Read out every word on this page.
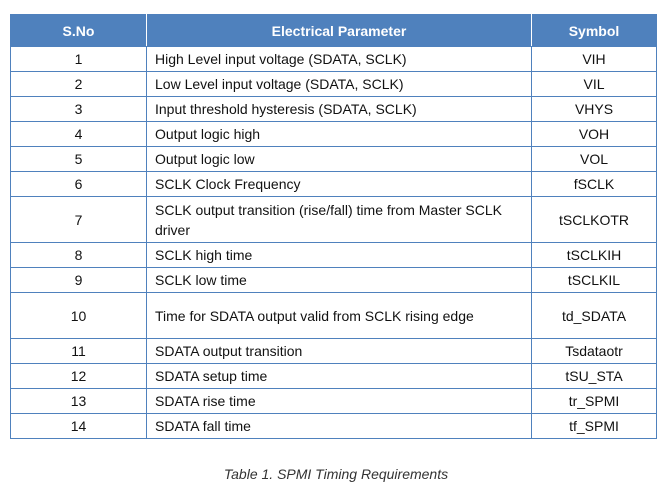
S.No	Electrical Parameter	Symbol
1	High Level input voltage (SDATA, SCLK)	VIH
2	Low Level input voltage (SDATA, SCLK)	VIL
3	Input threshold hysteresis (SDATA, SCLK)	VHYS
4	Output logic high	VOH
5	Output logic low	VOL
6	SCLK Clock Frequency	fSCLK
7	SCLK output transition (rise/fall) time from Master SCLK driver	tSCLKOTR
8	SCLK high time	tSCLKIH
9	SCLK low time	tSCLKIL
10	Time for SDATA output valid from SCLK rising edge	td_SDATA
11	SDATA output transition	Tsdataotr
12	SDATA setup time	tSU_STA
13	SDATA rise time	tr_SPMI
14	SDATA fall time	tf_SPMI
Table 1. SPMI Timing Requirements
